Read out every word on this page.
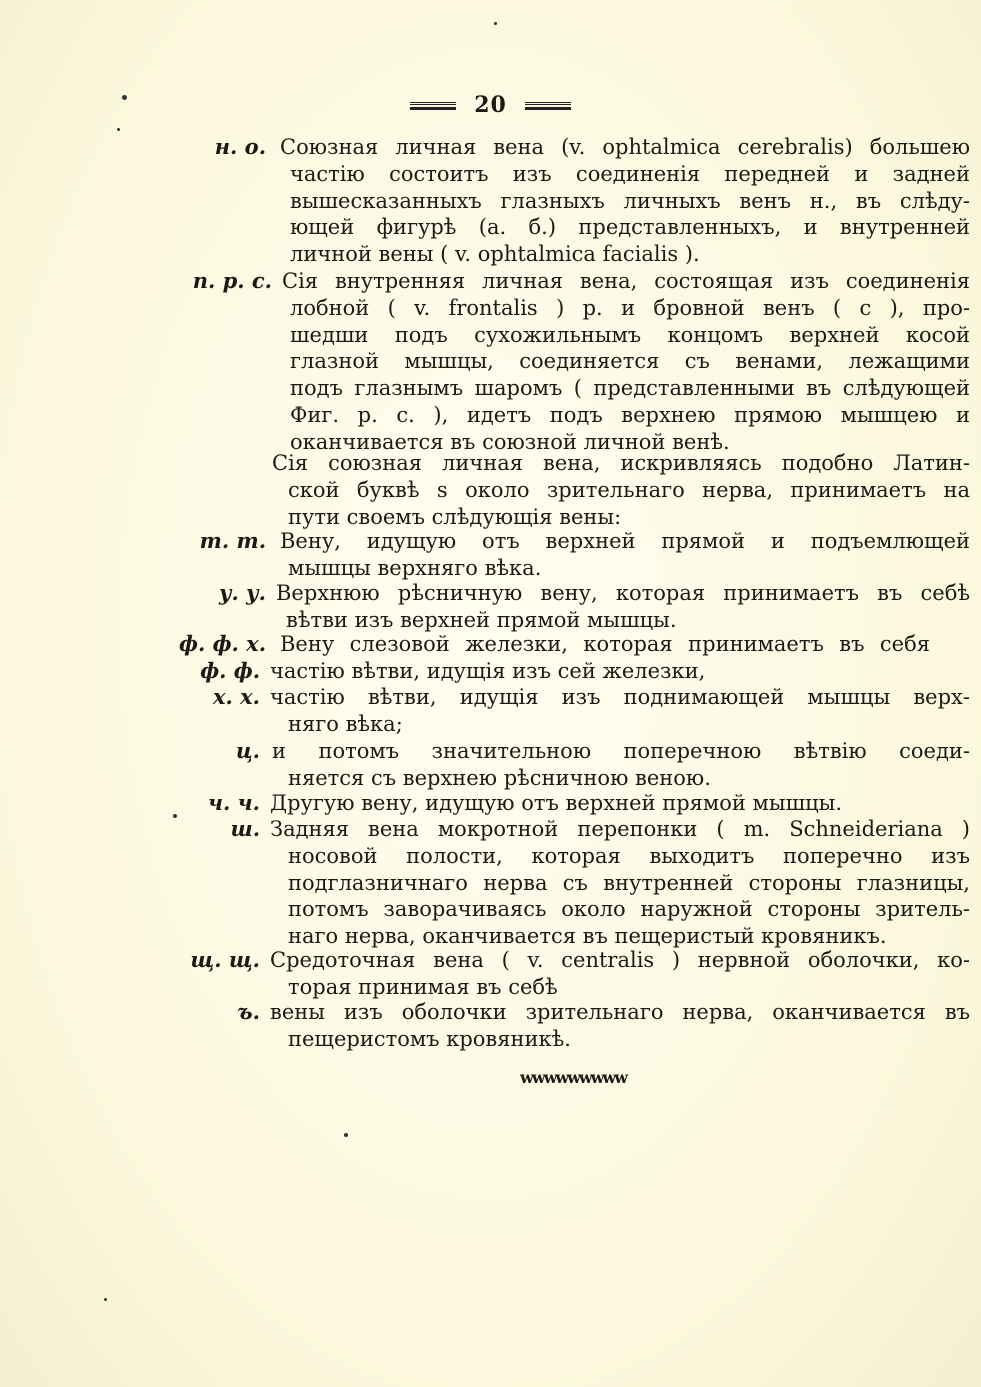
20
н. о. Союзная личная вена (v. ophtalmica cerebralis) большею
частію состоитъ изъ соединенія передней и задней
вышесказанныхъ глазныхъ личныхъ венъ н., въ слѣду-
ющей фигурѣ (а. б.) представленныхъ, и внутренней
личной вены ( v. ophtalmica facialis ).
п. р. с. Сія внутренняя личная вена, состоящая изъ соединенія
лобной ( v. frontalis ) р. и бровной венъ ( с ), про-
шедши подъ сухожильнымъ концомъ верхней косой
глазной мышцы, соединяется съ венами, лежащими
подъ глазнымъ шаромъ ( представленными въ слѣдующей
Фиг. р. с. ), идетъ подъ верхнею прямою мышцею и
оканчивается въ союзной личной венѣ.
Сія союзная личная вена, искривляясь подобно Латин-
ской буквѣ s около зрительнаго нерва, принимаетъ на
пути своемъ слѣдующія вены:
т. т. Вену, идущую отъ верхней прямой и подъемлющей
мышцы верхняго вѣка.
у. у. Верхнюю рѣсничную вену, которая принимаетъ въ себѣ
вѣтви изъ верхней прямой мышцы.
ф. ф. х. Вену слезовой железки, которая принимаетъ въ себя
ф. ф. частію вѣтви, идущія изъ сей железки,
х. х. частію вѣтви, идущія изъ поднимающей мышцы верх-
няго вѣка;
ц. и потомъ значительною поперечною вѣтвію соеди-
няется съ верхнею рѣсничною веною.
ч. ч. Другую вену, идущую отъ верхней прямой мышцы.
ш. Задняя вена мокротной перепонки ( m. Schneideriana )
носовой полости, которая выходитъ поперечно изъ
подглазничнаго нерва съ внутренней стороны глазницы,
потомъ заворачиваясь около наружной стороны зритель-
наго нерва, оканчивается въ пещеристый кровяникъ.
щ. щ. Средоточная вена ( v. centralis ) нервной оболочки, ко-
торая принимая въ себѣ
ъ. вены изъ оболочки зрительнаго нерва, оканчивается въ
пещеристомъ кровяникѣ.
wwwwwwwww
